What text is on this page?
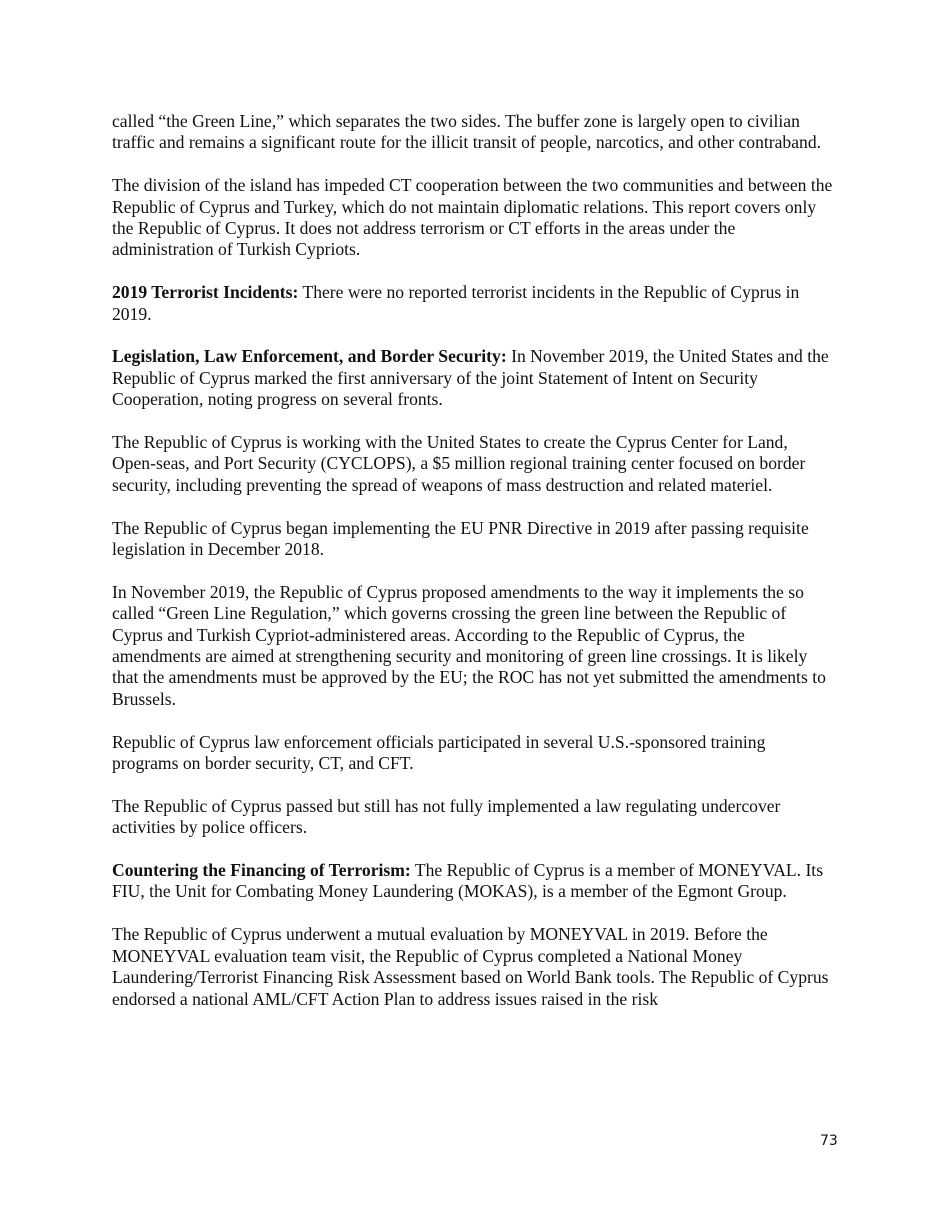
called “the Green Line,” which separates the two sides. The buffer zone is largely open to civilian traffic and remains a significant route for the illicit transit of people, narcotics, and other contraband.

The division of the island has impeded CT cooperation between the two communities and between the Republic of Cyprus and Turkey, which do not maintain diplomatic relations. This report covers only the Republic of Cyprus. It does not address terrorism or CT efforts in the areas under the administration of Turkish Cypriots.

2019 Terrorist Incidents: There were no reported terrorist incidents in the Republic of Cyprus in 2019.

Legislation, Law Enforcement, and Border Security: In November 2019, the United States and the Republic of Cyprus marked the first anniversary of the joint Statement of Intent on Security Cooperation, noting progress on several fronts.

The Republic of Cyprus is working with the United States to create the Cyprus Center for Land, Open-seas, and Port Security (CYCLOPS), a $5 million regional training center focused on border security, including preventing the spread of weapons of mass destruction and related materiel.

The Republic of Cyprus began implementing the EU PNR Directive in 2019 after passing requisite legislation in December 2018.

In November 2019, the Republic of Cyprus proposed amendments to the way it implements the so called “Green Line Regulation,” which governs crossing the green line between the Republic of Cyprus and Turkish Cypriot-administered areas. According to the Republic of Cyprus, the amendments are aimed at strengthening security and monitoring of green line crossings. It is likely that the amendments must be approved by the EU; the ROC has not yet submitted the amendments to Brussels.

Republic of Cyprus law enforcement officials participated in several U.S.-sponsored training programs on border security, CT, and CFT.

The Republic of Cyprus passed but still has not fully implemented a law regulating undercover activities by police officers.

Countering the Financing of Terrorism: The Republic of Cyprus is a member of MONEYVAL. Its FIU, the Unit for Combating Money Laundering (MOKAS), is a member of the Egmont Group.

The Republic of Cyprus underwent a mutual evaluation by MONEYVAL in 2019. Before the MONEYVAL evaluation team visit, the Republic of Cyprus completed a National Money Laundering/Terrorist Financing Risk Assessment based on World Bank tools. The Republic of Cyprus endorsed a national AML/CFT Action Plan to address issues raised in the risk

73
